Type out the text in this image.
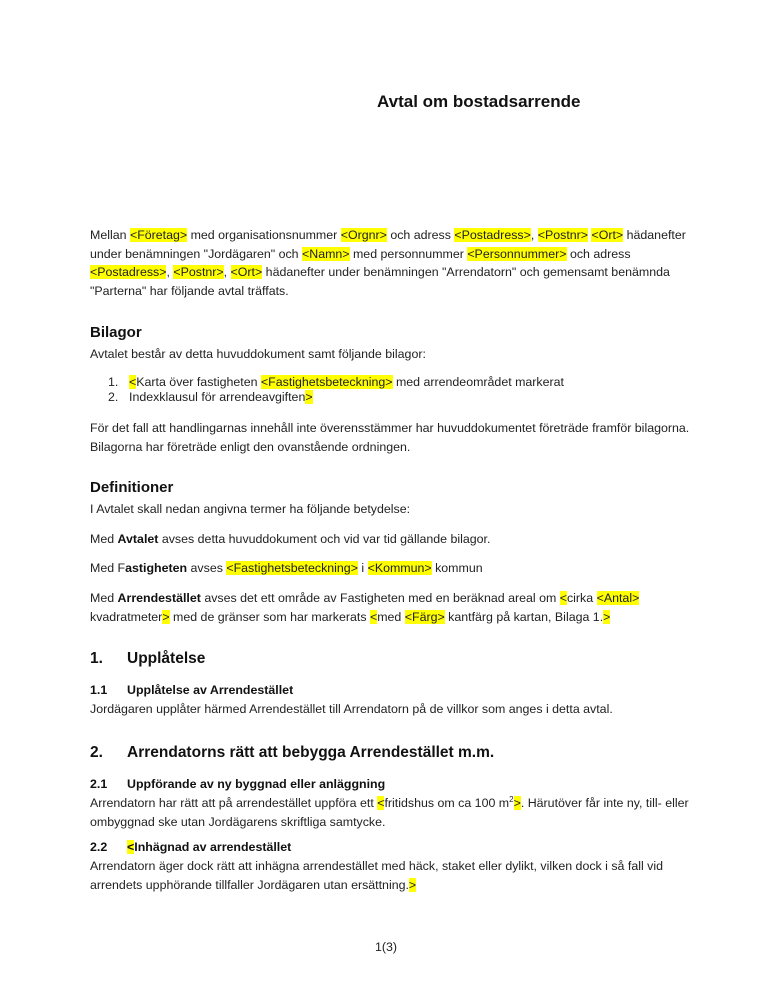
Avtal om bostadsarrende
Mellan <Företag> med organisationsnummer <Orgnr> och adress <Postadress>, <Postnr> <Ort> hädanefter under benämningen "Jordägaren" och <Namn> med personnummer <Personnummer> och adress <Postadress>, <Postnr>, <Ort> hädanefter under benämningen "Arrendatorn" och gemensamt benämnda "Parterna" har följande avtal träffats.
Bilagor
Avtalet består av detta huvuddokument samt följande bilagor:
1. <Karta över fastigheten <Fastighetsbeteckning> med arrendeområdet markerat
2. Indexklausul för arrendeavgiften>
För det fall att handlingarnas innehåll inte överensstämmer har huvuddokumentet företräde framför bilagorna. Bilagorna har företräde enligt den ovanstående ordningen.
Definitioner
I Avtalet skall nedan angivna termer ha följande betydelse:
Med Avtalet avses detta huvuddokument och vid var tid gällande bilagor.
Med Fastigheten avses <Fastighetsbeteckning> i <Kommun> kommun
Med Arrendestället avses det ett område av Fastigheten med en beräknad areal om <cirka <Antal> kvadratmeter> med de gränser som har markerats <med <Färg> kantfärg på kartan, Bilaga 1.>
1. Upplåtelse
1.1 Upplåtelse av Arrendestället
Jordägaren upplåter härmed Arrendestället till Arrendatorn på de villkor som anges i detta avtal.
2. Arrendatorns rätt att bebygga Arrendestället m.m.
2.1 Uppförande av ny byggnad eller anläggning
Arrendatorn har rätt att på arrendestället uppföra ett <fritidshus om ca 100 $m^2>$. Härutöver får inte ny, till- eller ombyggnad ske utan Jordägarens skriftliga samtycke.
2.2 <Inhägnad av arrendestället
Arrendatorn äger dock rätt att inhägna arrendestället med häck, staket eller dylikt, vilken dock i så fall vid arrendets upphörande tillfaller Jordägaren utan ersättning.>
1(3)
